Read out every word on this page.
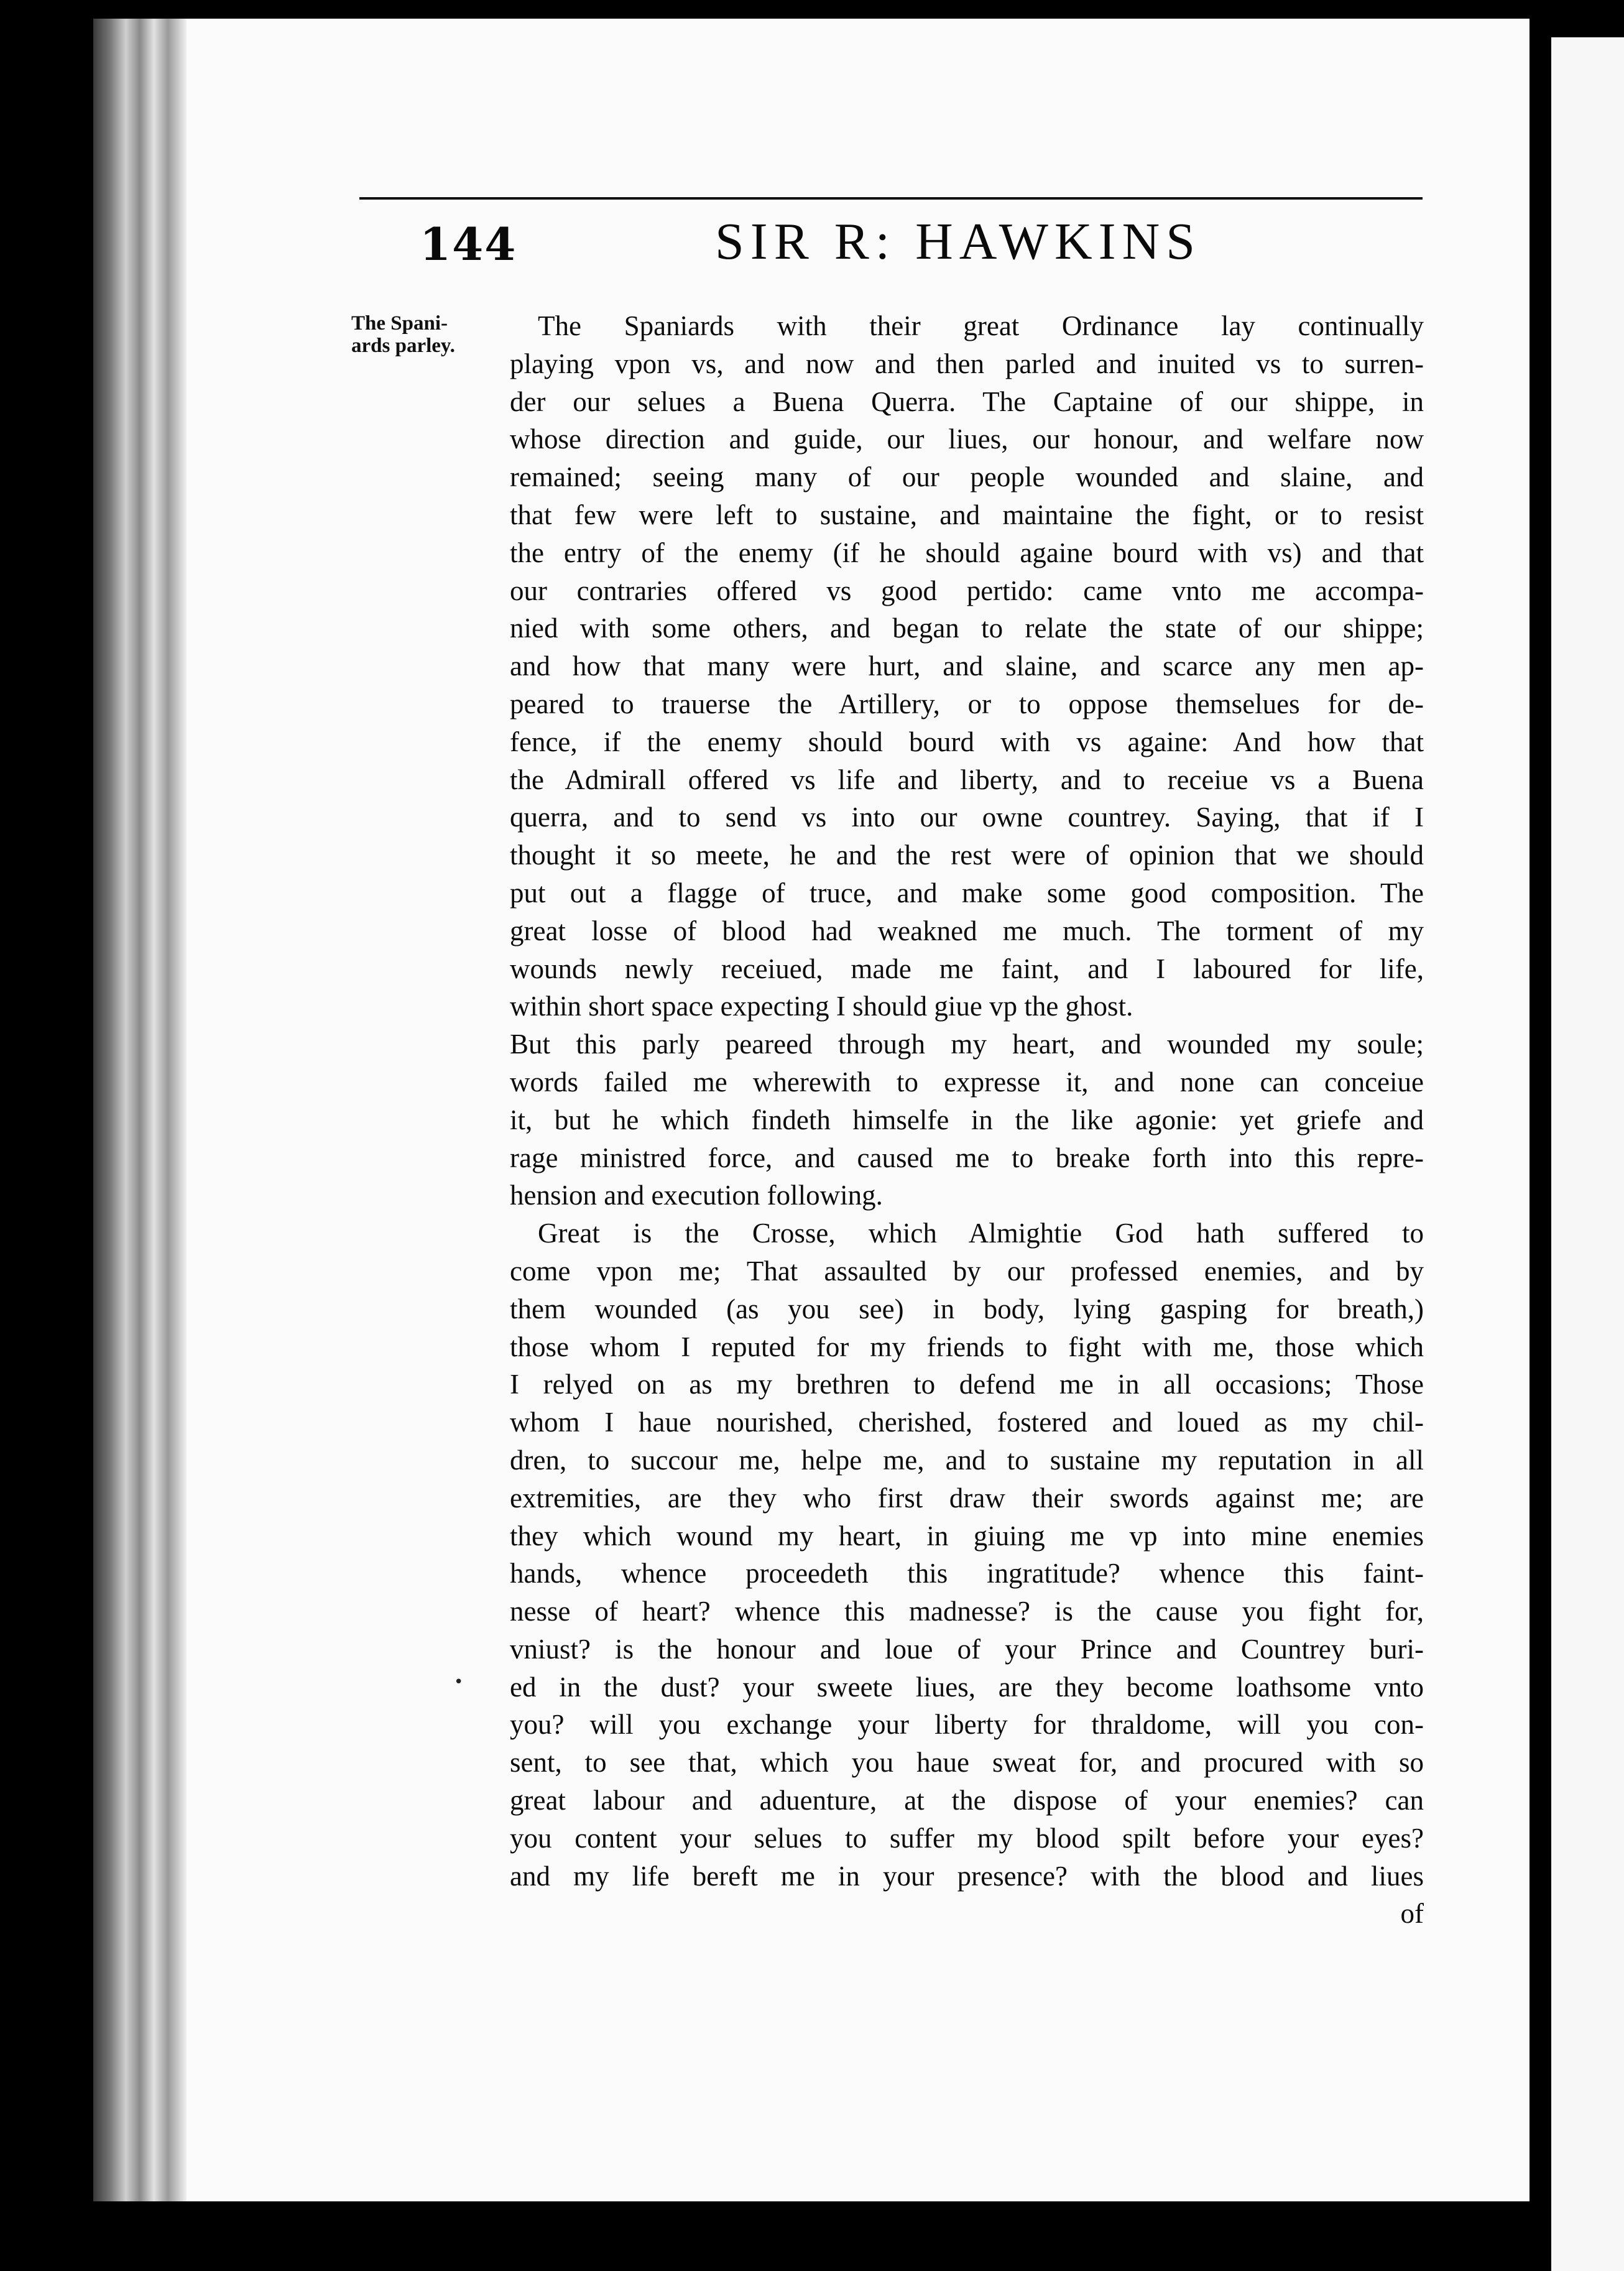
144	SIR R: HAWKINS
The Spani-
ards parley.
The Spaniards with their great Ordinance lay continually
playing vpon vs, and now and then parled and inuited vs to surren-
der our selues a Buena Querra. The Captaine of our shippe, in
whose direction and guide, our liues, our honour, and welfare now
remained; seeing many of our people wounded and slaine, and
that few were left to sustaine, and maintaine the fight, or to resist
the entry of the enemy (if he should againe bourd with vs) and that
our contraries offered vs good pertido: came vnto me accompa-
nied with some others, and began to relate the state of our shippe;
and how that many were hurt, and slaine, and scarce any men ap-
peared to trauerse the Artillery, or to oppose themselues for de-
fence, if the enemy should bourd with vs againe: And how that
the Admirall offered vs life and liberty, and to receiue vs a Buena
querra, and to send vs into our owne countrey. Saying, that if I
thought it so meete, he and the rest were of opinion that we should
put out a flagge of truce, and make some good composition. The
great losse of blood had weakned me much. The torment of my
wounds newly receiued, made me faint, and I laboured for life,
within short space expecting I should giue vp the ghost.
But this parly peareed through my heart, and wounded my soule;
words failed me wherewith to expresse it, and none can conceiue
it, but he which findeth himselfe in the like agonie: yet griefe and
rage ministred force, and caused me to breake forth into this repre-
hension and execution following.
Great is the Crosse, which Almightie God hath suffered to
come vpon me; That assaulted by our professed enemies, and by
them wounded (as you see) in body, lying gasping for breath,)
those whom I reputed for my friends to fight with me, those which
I relyed on as my brethren to defend me in all occasions; Those
whom I haue nourished, cherished, fostered and loued as my chil-
dren, to succour me, helpe me, and to sustaine my reputation in all
extremities, are they who first draw their swords against me; are
they which wound my heart, in giuing me vp into mine enemies
hands, whence proceedeth this ingratitude? whence this faint-
nesse of heart? whence this madnesse? is the cause you fight for,
vniust? is the honour and loue of your Prince and Countrey buri-
ed in the dust? your sweete liues, are they become loathsome vnto
you? will you exchange your liberty for thraldome, will you con-
sent, to see that, which you haue sweat for, and procured with so
great labour and aduenture, at the dispose of your enemies? can
you content your selues to suffer my blood spilt before your eyes?
and my life bereft me in your presence? with the blood and liues
of
•
